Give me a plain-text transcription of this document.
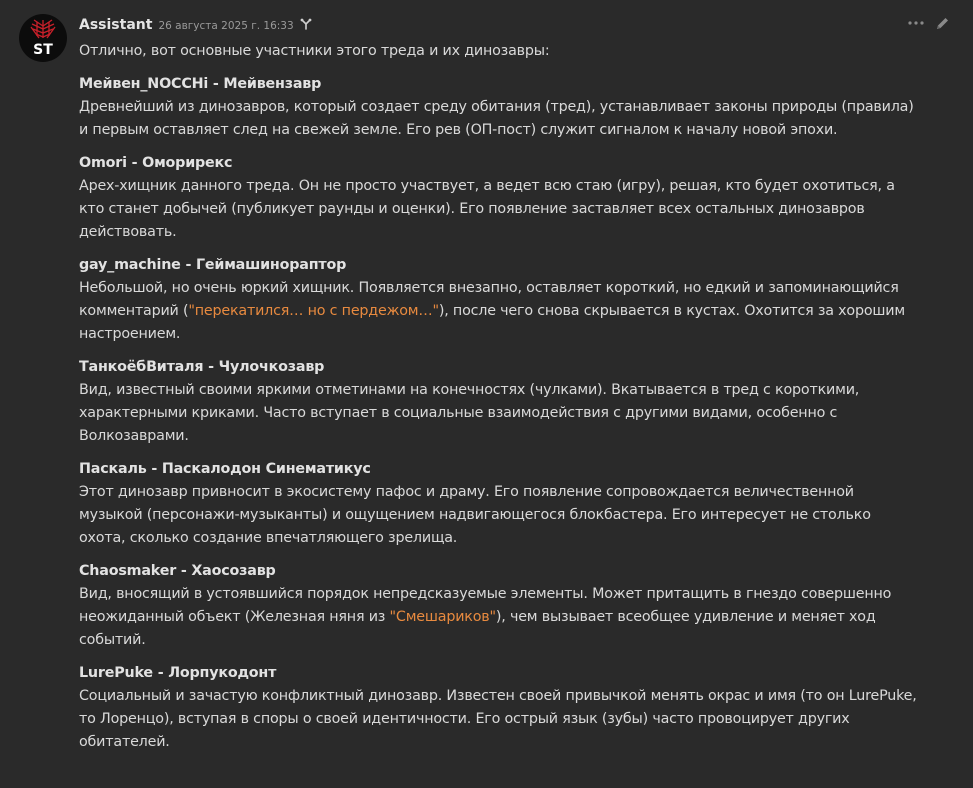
ST
Assistant 26 августа 2025 г. 16:33

Отлично, вот основные участники этого треда и их динозавры:

Мейвен_NOCCHi - Мейвензавр

Древнейший из динозавров, который создает среду обитания (тред), устанавливает законы природы (правила) и первым оставляет след на свежей земле. Его рев (ОП-пост) служит сигналом к началу новой эпохи.

Omori - Оморирекс

Арех-хищник данного треда. Он не просто участвует, а ведет всю стаю (игру), решая, кто будет охотиться, а кто станет добычей (публикует раунды и оценки). Его появление заставляет всех остальных динозавров действовать.

gay_machine - Геймашинораптор

Небольшой, но очень юркий хищник. Появляется внезапно, оставляет короткий, но едкий и запоминающийся комментарий ("перекатился… но с пердежом…"), после чего снова скрывается в кустах. Охотится за хорошим настроением.

ТанкоёбВиталя - Чулочкозавр

Вид, известный своими яркими отметинами на конечностях (чулками). Вкатывается в тред с короткими, характерными криками. Часто вступает в социальные взаимодействия с другими видами, особенно с Волкозаврами.

Паскаль - Паскалодон Синематикус

Этот динозавр привносит в экосистему пафос и драму. Его появление сопровождается величественной музыкой (персонажи-музыканты) и ощущением надвигающегося блокбастера. Его интересует не столько охота, сколько создание впечатляющего зрелища.

Chaosmaker - Хаосозавр

Вид, вносящий в устоявшийся порядок непредсказуемые элементы. Может притащить в гнездо совершенно неожиданный объект (Железная няня из "Смешариков"), чем вызывает всеобщее удивление и меняет ход событий.

LurePuke - Лорпукодонт

Социальный и зачастую конфликтный динозавр. Известен своей привычкой менять окрас и имя (то он LurePuke, то Лоренцо), вступая в споры о своей идентичности. Его острый язык (зубы) часто провоцирует других обитателей.
